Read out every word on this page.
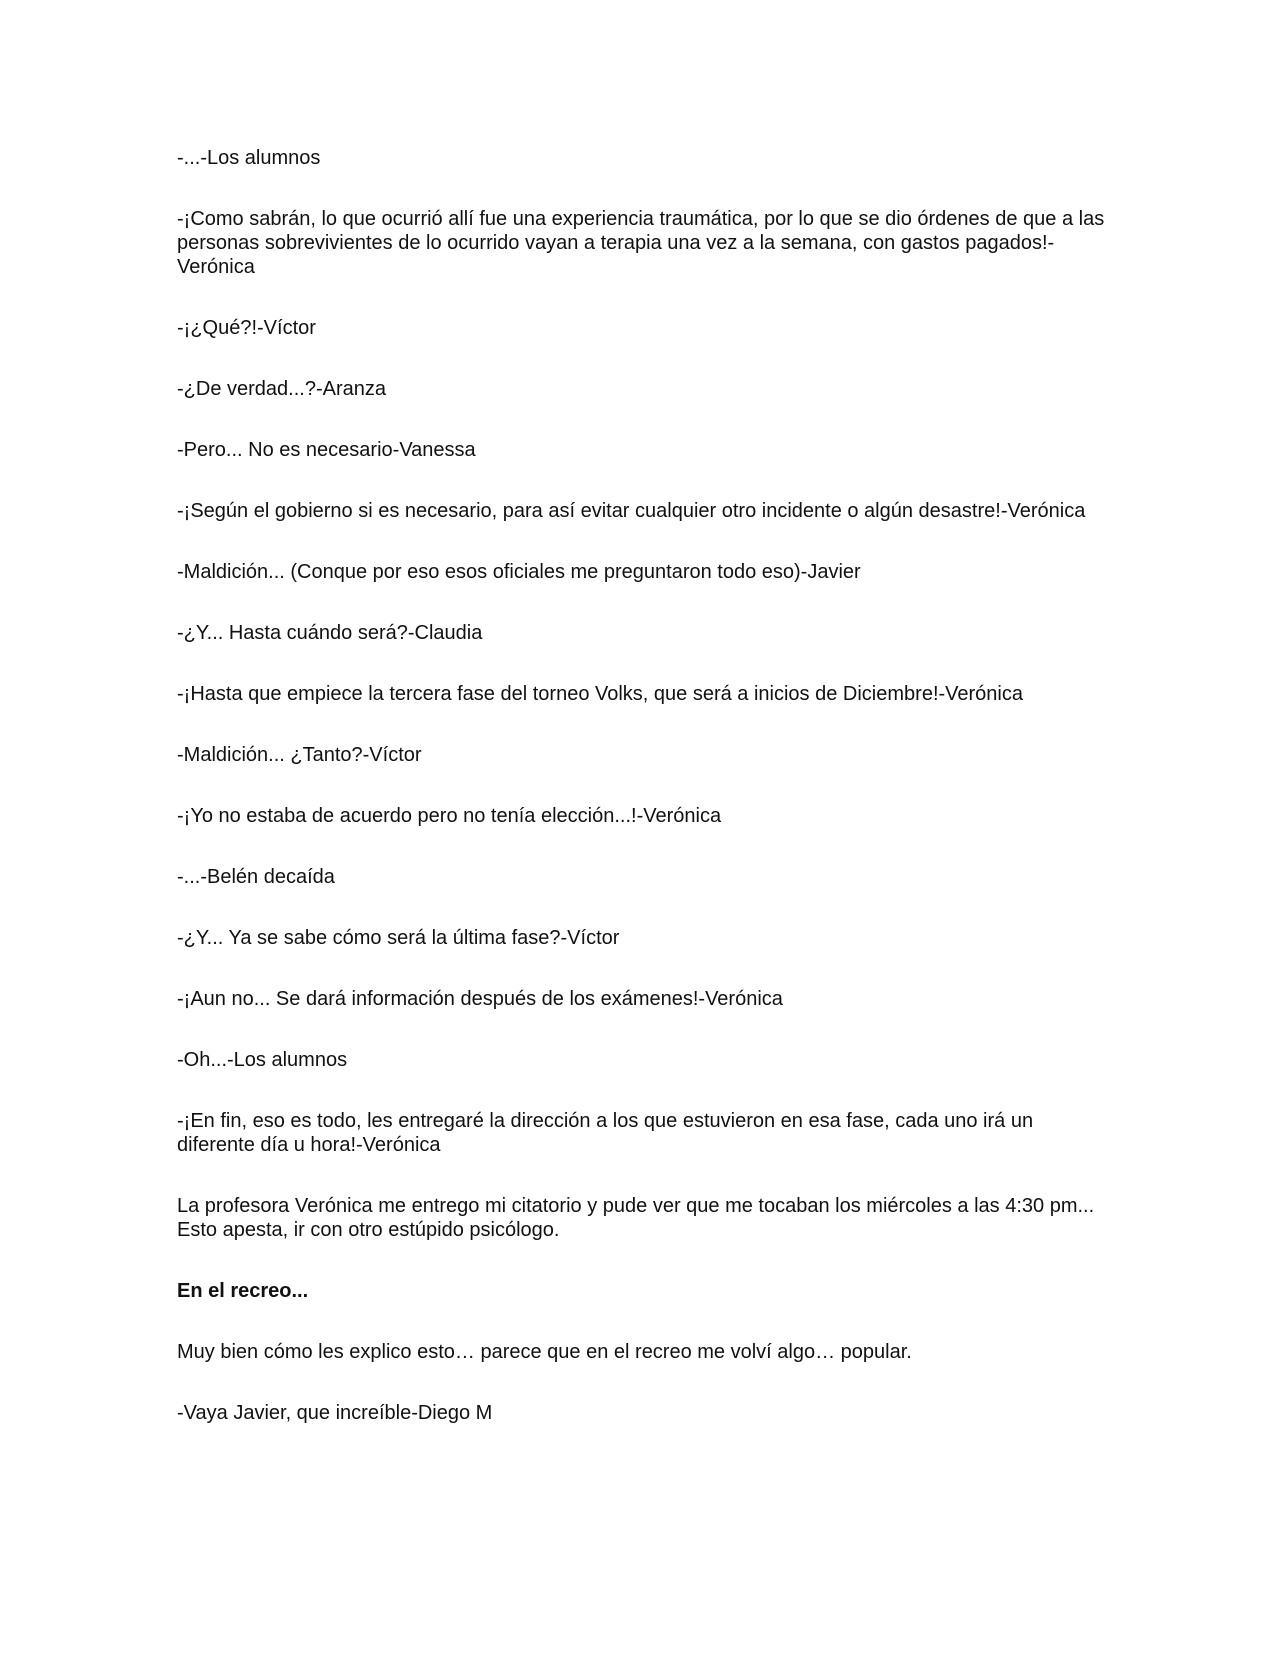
-...-Los alumnos

-¡Como sabrán, lo que ocurrió allí fue una experiencia traumática, por lo que se dio órdenes de que a las personas sobrevivientes de lo ocurrido vayan a terapia una vez a la semana, con gastos pagados!-Verónica

-¡¿Qué?!-Víctor

-¿De verdad...?-Aranza

-Pero... No es necesario-Vanessa

-¡Según el gobierno si es necesario, para así evitar cualquier otro incidente o algún desastre!-Verónica

-Maldición... (Conque por eso esos oficiales me preguntaron todo eso)-Javier

-¿Y... Hasta cuándo será?-Claudia

-¡Hasta que empiece la tercera fase del torneo Volks, que será a inicios de Diciembre!-Verónica

-Maldición... ¿Tanto?-Víctor

-¡Yo no estaba de acuerdo pero no tenía elección...!-Verónica

-...-Belén decaída

-¿Y... Ya se sabe cómo será la última fase?-Víctor

-¡Aun no... Se dará información después de los exámenes!-Verónica

-Oh...-Los alumnos

-¡En fin, eso es todo, les entregaré la dirección a los que estuvieron en esa fase, cada uno irá un diferente día u hora!-Verónica

La profesora Verónica me entrego mi citatorio y pude ver que me tocaban los miércoles a las 4:30 pm... Esto apesta, ir con otro estúpido psicólogo.

En el recreo...

Muy bien cómo les explico esto… parece que en el recreo me volví algo… popular.

-Vaya Javier, que increíble-Diego M
